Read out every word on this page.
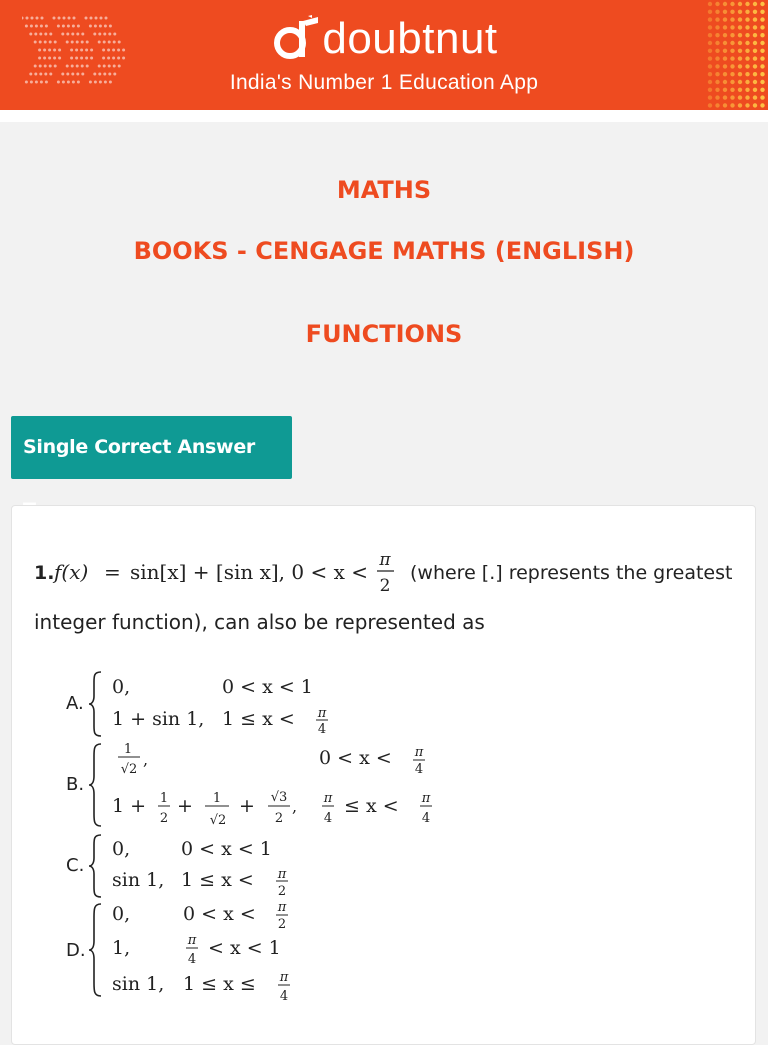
doubtnut
India's Number 1 Education App
MATHS
BOOKS - CENGAGE MATHS (ENGLISH)
FUNCTIONS
Single Correct Answer
1. f(x) = sin[x] + [sin x], 0 < x < π
2
(where [.] represents the greatest
integer function), can also be represented as
A.
0,	0 < x < 1
1 + sin 1, 1 ≤ x < π
4
B.
1
√2
,	0 < x < π
4
1 + 1
2
+ 1
√2
+ √3
2
, π
4
≤ x < π
4
C.
0,	0 < x < 1
sin 1, 1 ≤ x < π
2
D.
0,	0 < x < π
2
1,	π
4
< x < 1
sin 1, 1 ≤ x ≤ π
4
